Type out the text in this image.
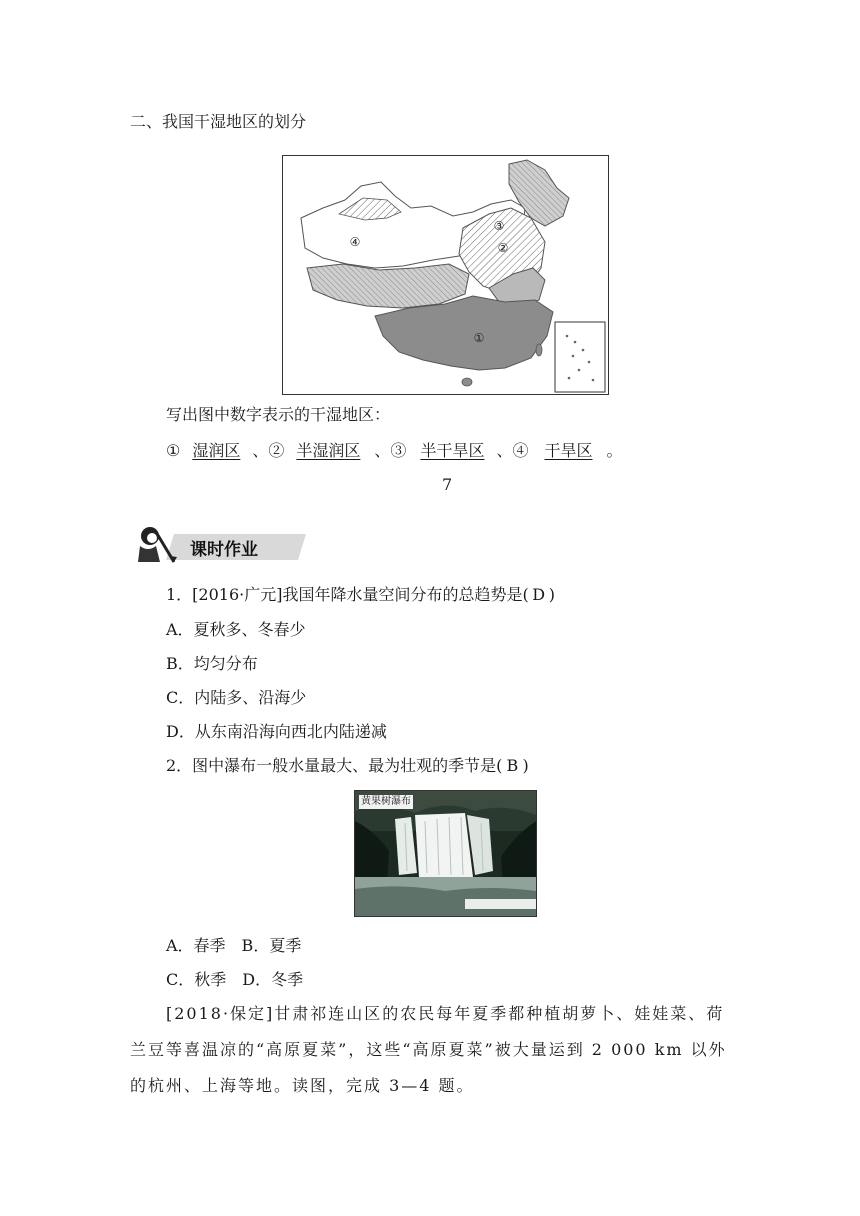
二、我国干湿地区的划分
①
②
③
④
写出图中数字表示的干湿地区：
① 湿润区 、② 半湿润区 、③ 半干旱区 、④ 干旱区 。
7
课时作业
1．[2016·广元]我国年降水量空间分布的总趋势是( D )
A．夏秋多、冬春少
B．均匀分布
C．内陆多、沿海少
D．从东南沿海向西北内陆递减
2．图中瀑布一般水量最大、最为壮观的季节是( B )
黄果树瀑布
A．春季　B．夏季
C．秋季　D．冬季
[2018·保定]甘肃祁连山区的农民每年夏季都种植胡萝卜、娃娃菜、荷兰豆等喜温凉的“高原夏菜”，这些“高原夏菜”被大量运到 2 000 km 以外的杭州、上海等地。读图，完成 3—4 题。
